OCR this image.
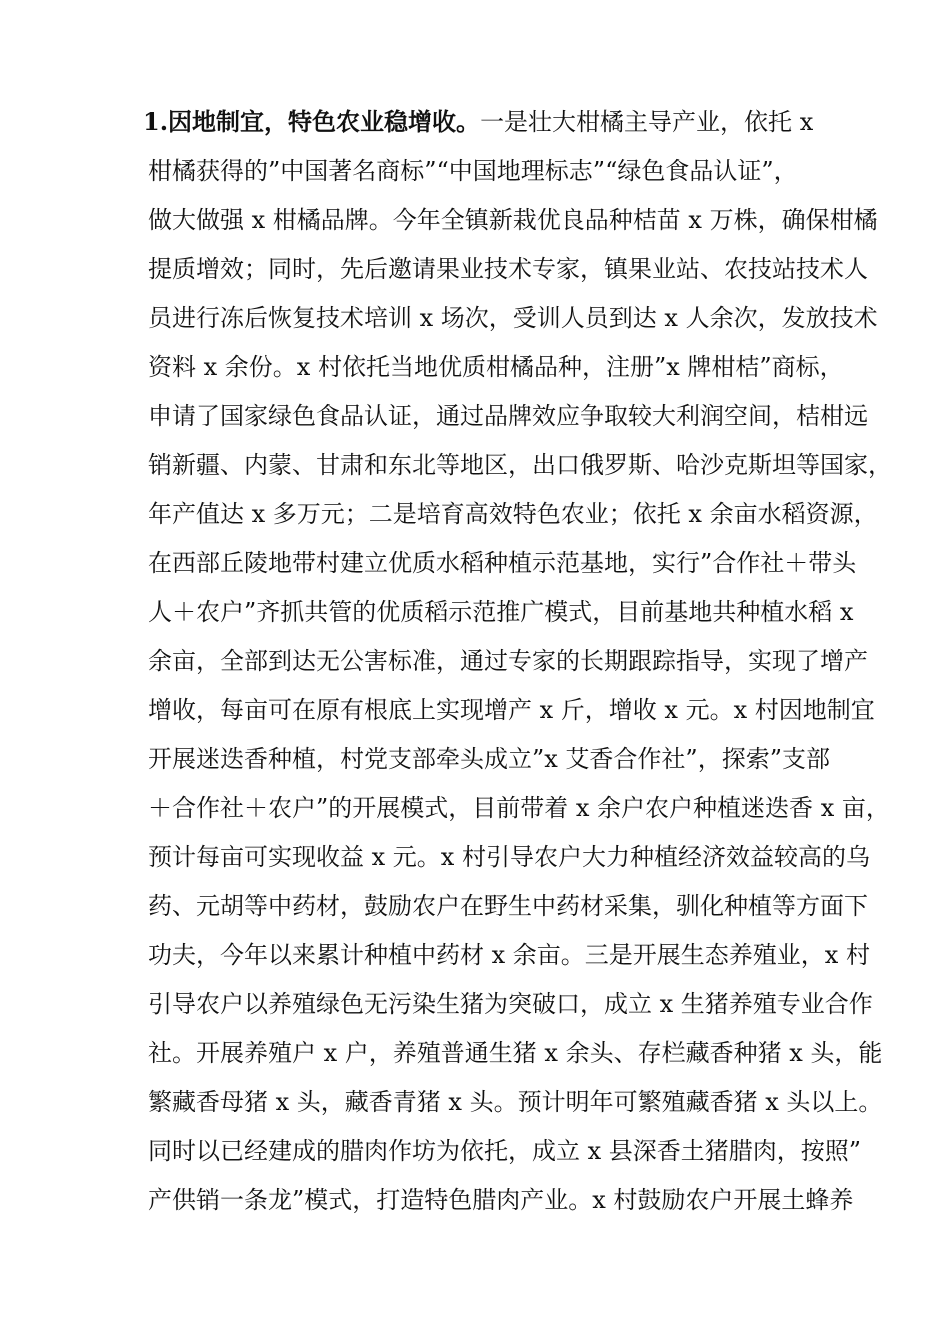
1.因地制宜，特色农业稳增收。一是壮大柑橘主导产业，依托 x
柑橘获得的”中国著名商标”“中国地理标志”“绿色食品认证”，
做大做强 x 柑橘品牌。今年全镇新栽优良品种桔苗 x 万株，确保柑橘
提质增效；同时，先后邀请果业技术专家，镇果业站、农技站技术人
员进行冻后恢复技术培训 x 场次，受训人员到达 x 人余次，发放技术
资料 x 余份。x 村依托当地优质柑橘品种，注册”x 牌柑桔”商标，
申请了国家绿色食品认证，通过品牌效应争取较大利润空间，桔柑远
销新疆、内蒙、甘肃和东北等地区，出口俄罗斯、哈沙克斯坦等国家，
年产值达 x 多万元；二是培育高效特色农业；依托 x 余亩水稻资源，
在西部丘陵地带村建立优质水稻种植示范基地，实行”合作社＋带头
人＋农户”齐抓共管的优质稻示范推广模式，目前基地共种植水稻 x
余亩，全部到达无公害标准，通过专家的长期跟踪指导，实现了增产
增收，每亩可在原有根底上实现增产 x 斤，增收 x 元。x 村因地制宜
开展迷迭香种植，村党支部牵头成立”x 艾香合作社”，探索”支部
＋合作社＋农户”的开展模式，目前带着 x 余户农户种植迷迭香 x 亩，
预计每亩可实现收益 x 元。x 村引导农户大力种植经济效益较高的乌
药、元胡等中药材，鼓励农户在野生中药材采集，驯化种植等方面下
功夫，今年以来累计种植中药材 x 余亩。三是开展生态养殖业，x 村
引导农户以养殖绿色无污染生猪为突破口，成立 x 生猪养殖专业合作
社。开展养殖户 x 户，养殖普通生猪 x 余头、存栏藏香种猪 x 头，能
繁藏香母猪 x 头，藏香青猪 x 头。预计明年可繁殖藏香猪 x 头以上。
同时以已经建成的腊肉作坊为依托，成立 x 县深香土猪腊肉，按照”
产供销一条龙”模式，打造特色腊肉产业。x 村鼓励农户开展土蜂养
